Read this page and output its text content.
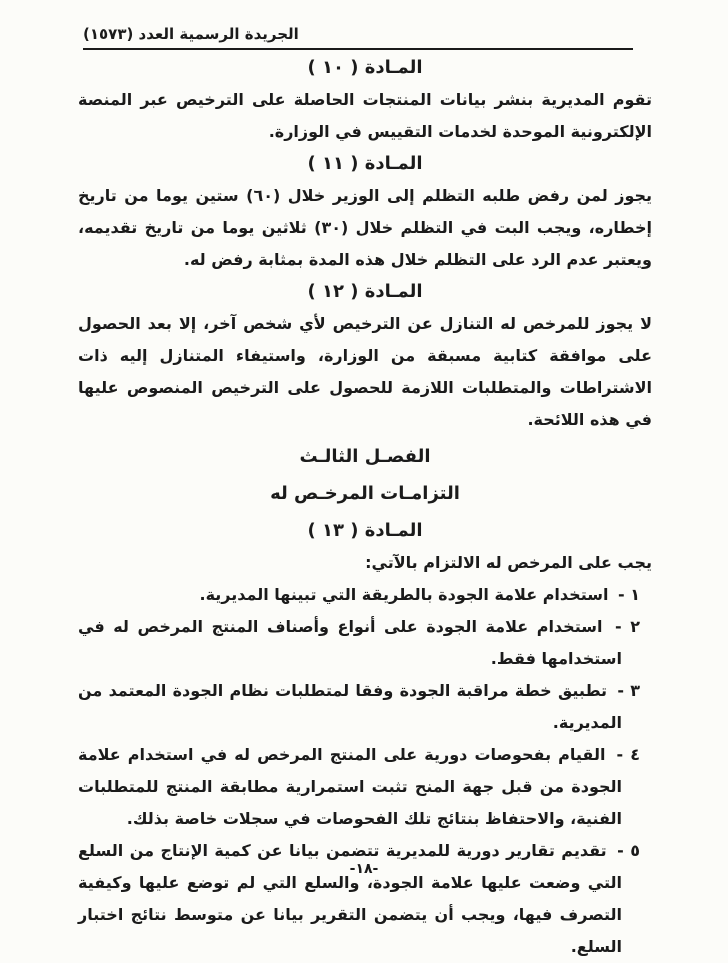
الجريدة الرسمية العدد (١٥٧٣)
المـادة ( ١٠ )

تقوم المديرية بنشر بيانات المنتجات الحاصلة على الترخيص عبر المنصة الإلكترونية الموحدة لخدمات التقييس في الوزارة.

المـادة ( ١١ )

يجوز لمن رفض طلبه التظلم إلى الوزير خلال (٦٠) ستين يوما من تاريخ إخطاره، ويجب البت في التظلم خلال (٣٠) ثلاثين يوما من تاريخ تقديمه، ويعتبر عدم الرد على التظلم خلال هذه المدة بمثابة رفض له.

المـادة ( ١٢ )

لا يجوز للمرخص له التنازل عن الترخيص لأي شخص آخر، إلا بعد الحصول على موافقة كتابية مسبقة من الوزارة، واستيفاء المتنازل إليه ذات الاشتراطات والمتطلبات اللازمة للحصول على الترخيص المنصوص عليها في هذه اللائحة.

الفصـل الثالـث
التزامـات المرخـص له
المـادة ( ١٣ )

يجب على المرخص له الالتزام بالآتي:

١ - استخدام علامة الجودة بالطريقة التي تبينها المديرية.
٢ - استخدام علامة الجودة على أنواع وأصناف المنتج المرخص له في استخدامها فقط.
٣ - تطبيق خطة مراقبة الجودة وفقا لمتطلبات نظام الجودة المعتمد من المديرية.
٤ - القيام بفحوصات دورية على المنتج المرخص له في استخدام علامة الجودة من قبل جهة المنح تثبت استمرارية مطابقة المنتج للمتطلبات الفنية، والاحتفاظ بنتائج تلك الفحوصات في سجلات خاصة بذلك.
٥ - تقديم تقارير دورية للمديرية تتضمن بيانا عن كمية الإنتاج من السلع التي وضعت عليها علامة الجودة، والسلع التي لم توضع عليها وكيفية التصرف فيها، ويجب أن يتضمن التقرير بيانا عن متوسط نتائج اختبار السلع.
-١٨-
